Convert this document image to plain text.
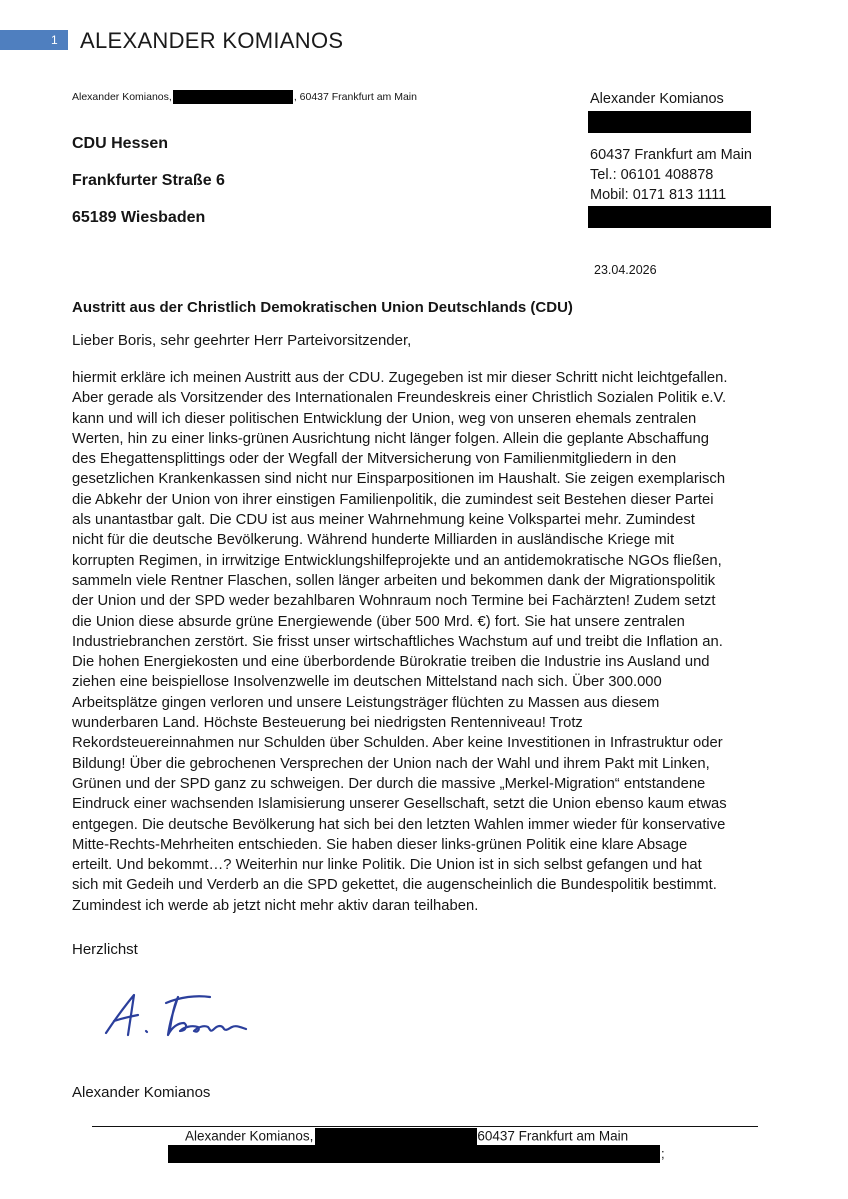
1 ALEXANDER KOMIANOS
Alexander Komianos,	, 60437 Frankfurt am Main
CDU Hessen
Frankfurter Straße 6
65189 Wiesbaden
Alexander Komianos
60437 Frankfurt am Main
Tel.: 06101 408878
Mobil: 0171 813 1111
23.04.2026
Austritt aus der Christlich Demokratischen Union Deutschlands (CDU)
Lieber Boris, sehr geehrter Herr Parteivorsitzender,
hiermit erkläre ich meinen Austritt aus der CDU. Zugegeben ist mir dieser Schritt nicht leichtgefallen.
Aber gerade als Vorsitzender des Internationalen Freundeskreis einer Christlich Sozialen Politik e.V.
kann und will ich dieser politischen Entwicklung der Union, weg von unseren ehemals zentralen
Werten, hin zu einer links-grünen Ausrichtung nicht länger folgen. Allein die geplante Abschaffung
des Ehegattensplittings oder der Wegfall der Mitversicherung von Familienmitgliedern in den
gesetzlichen Krankenkassen sind nicht nur Einsparpositionen im Haushalt. Sie zeigen exemplarisch
die Abkehr der Union von ihrer einstigen Familienpolitik, die zumindest seit Bestehen dieser Partei
als unantastbar galt. Die CDU ist aus meiner Wahrnehmung keine Volkspartei mehr. Zumindest
nicht für die deutsche Bevölkerung. Während hunderte Milliarden in ausländische Kriege mit
korrupten Regimen, in irrwitzige Entwicklungshilfeprojekte und an antidemokratische NGOs fließen,
sammeln viele Rentner Flaschen, sollen länger arbeiten und bekommen dank der Migrationspolitik
der Union und der SPD weder bezahlbaren Wohnraum noch Termine bei Fachärzten! Zudem setzt
die Union diese absurde grüne Energiewende (über 500 Mrd. €) fort. Sie hat unsere zentralen
Industriebranchen zerstört. Sie frisst unser wirtschaftliches Wachstum auf und treibt die Inflation an.
Die hohen Energiekosten und eine überbordende Bürokratie treiben die Industrie ins Ausland und
ziehen eine beispiellose Insolvenzwelle im deutschen Mittelstand nach sich. Über 300.000
Arbeitsplätze gingen verloren und unsere Leistungsträger flüchten zu Massen aus diesem
wunderbaren Land. Höchste Besteuerung bei niedrigsten Rentenniveau! Trotz
Rekordsteuereinnahmen nur Schulden über Schulden. Aber keine Investitionen in Infrastruktur oder
Bildung! Über die gebrochenen Versprechen der Union nach der Wahl und ihrem Pakt mit Linken,
Grünen und der SPD ganz zu schweigen. Der durch die massive „Merkel-Migration“ entstandene
Eindruck einer wachsenden Islamisierung unserer Gesellschaft, setzt die Union ebenso kaum etwas
entgegen. Die deutsche Bevölkerung hat sich bei den letzten Wahlen immer wieder für konservative
Mitte-Rechts-Mehrheiten entschieden. Sie haben dieser links-grünen Politik eine klare Absage
erteilt. Und bekommt…? Weiterhin nur linke Politik. Die Union ist in sich selbst gefangen und hat
sich mit Gedeih und Verderb an die SPD gekettet, die augenscheinlich die Bundespolitik bestimmt.
Zumindest ich werde ab jetzt nicht mehr aktiv daran teilhaben.
Herzlichst
Alexander Komianos
Alexander Komianos,	60437 Frankfurt am Main
;
